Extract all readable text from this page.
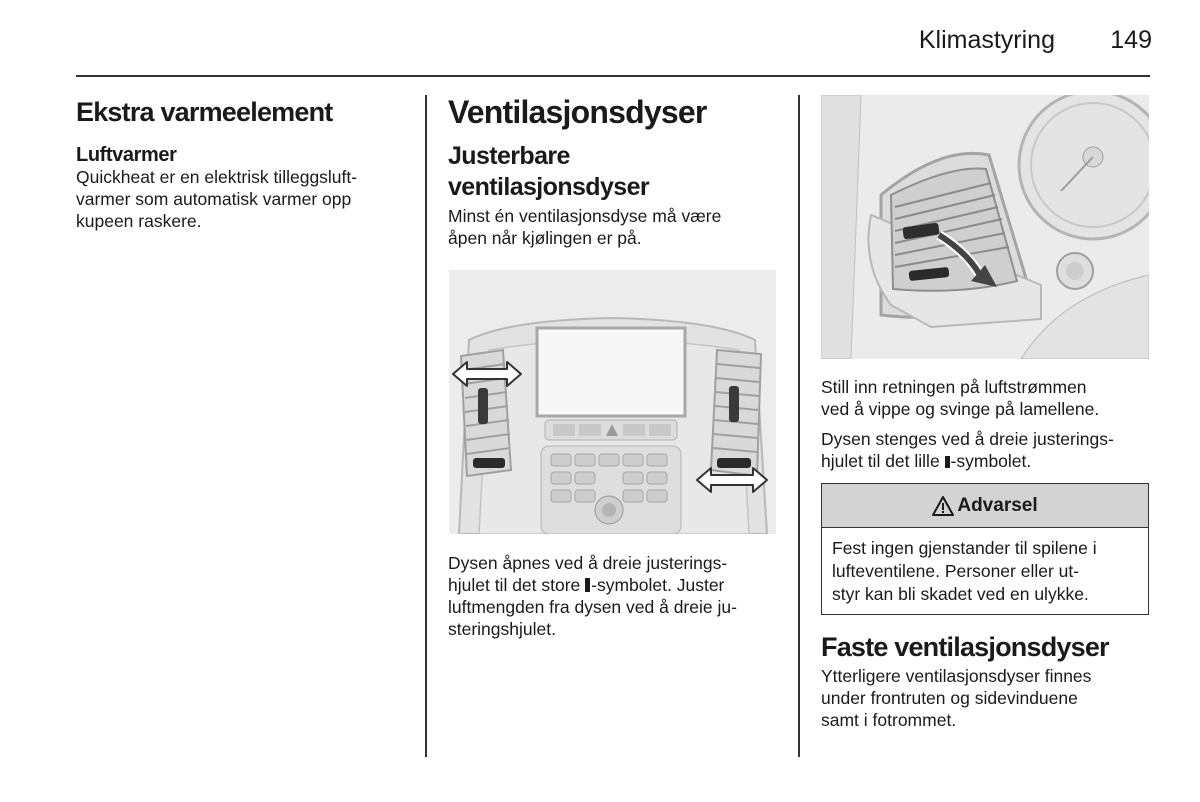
Klimastyring 149
Ekstra varmeelement
Luftvarmer

Quickheat er en elektrisk tilleggsluft-

varmer som automatisk varmer opp

kupeen raskere.

Ventilasjonsdyser
Justerbare
ventilasjonsdyser

Minst én ventilasjonsdyse må være

åpen når kjølingen er på.

Dysen åpnes ved å dreie justerings-

hjulet til det store -symbolet. Juster

luftmengden fra dysen ved å dreie ju-

steringshjulet.

Still inn retningen på luftstrømmen

ved å vippe og svinge på lamellene.

Dysen stenges ved å dreie justerings-

hjulet til det lille -symbolet.

Advarsel
Fest ingen gjenstander til spilene i
lufteventilene. Personer eller ut-
styr kan bli skadet ved en ulykke.
Faste ventilasjonsdyser

Ytterligere ventilasjonsdyser finnes

under frontruten og sidevinduene

samt i fotrommet.
